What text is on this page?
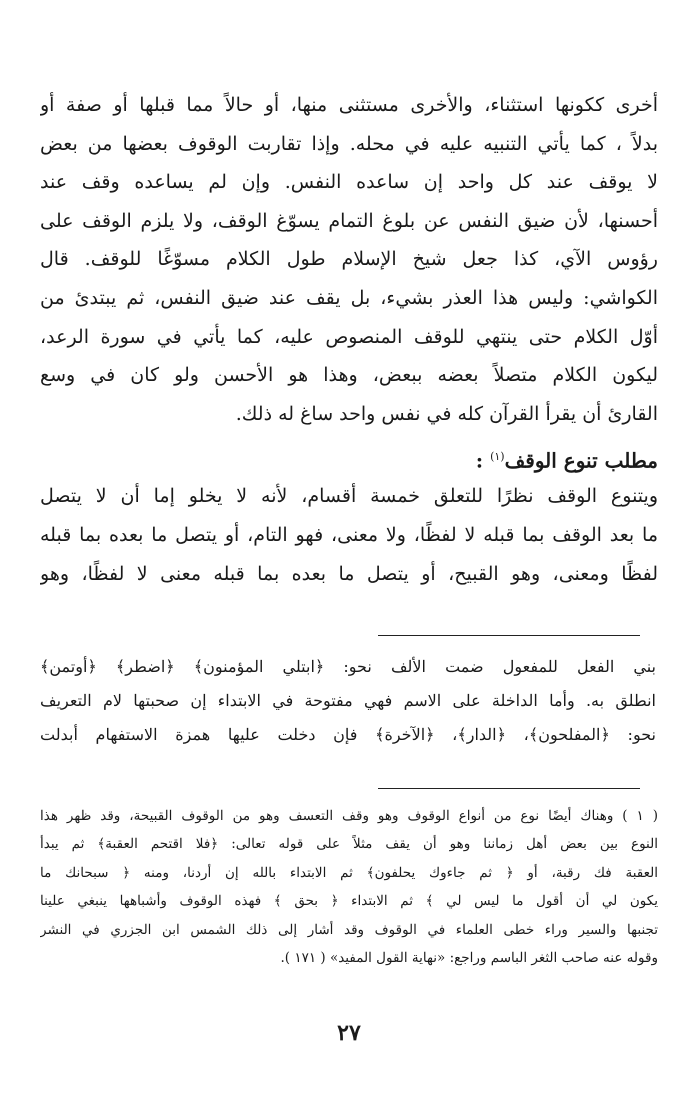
أخرى ككونها استثناء، والأخرى مستثنى منها، أو حالاً مما قبلها أو صفة أو
بدلاً ، كما يأتي التنبيه عليه في محله. وإذا تقاربت الوقوف بعضها من بعض
لا يوقف عند كل واحد إن ساعده النفس. وإن لم يساعده وقف عند
أحسنها، لأن ضيق النفس عن بلوغ التمام يسوّغ الوقف، ولا يلزم الوقف على
رؤوس الآي، كذا جعل شيخ الإسلام طول الكلام مسوّغًا للوقف. قال
الكواشي: وليس هذا العذر بشيء، بل يقف عند ضيق النفس، ثم يبتدئ من
أوّل الكلام حتى ينتهي للوقف المنصوص عليه، كما يأتي في سورة الرعد،
ليكون الكلام متصلاً بعضه ببعض، وهذا هو الأحسن ولو كان في وسع
القارئ أن يقرأ القرآن كله في نفس واحد ساغ له ذلك.
مطلب تنوع الوقف$^{(١)}$ :
ويتنوع الوقف نظرًا للتعلق خمسة أقسام، لأنه لا يخلو إما أن لا يتصل
ما بعد الوقف بما قبله لا لفظًا، ولا معنى، فهو التام، أو يتصل ما بعده بما قبله
لفظًا ومعنى، وهو القبيح، أو يتصل ما بعده بما قبله معنى لا لفظًا، وهو
بني الفعل للمفعول ضمت الألف نحو: ﴿ابتلي المؤمنون﴾ ﴿اضطر﴾ ﴿أوتمن﴾
انطلق به. وأما الداخلة على الاسم فهي مفتوحة في الابتداء إن صحبتها لام التعريف
نحو: ﴿المفلحون﴾، ﴿الدار﴾، ﴿الآخرة﴾ فإن دخلت عليها همزة الاستفهام أبدلت
( ١ ) وهناك أيضًا نوع من أنواع الوقوف وهو وقف التعسف وهو من الوقوف القبيحة، وقد ظهر هذا
النوع بين بعض أهل زماننا وهو أن يقف مثلاً على قوله تعالى: ﴿فلا اقتحم العقبة﴾ ثم يبدأ
العقبة فك رقبة، أو ﴿ ثم جاءوك يحلفون﴾ ثم الابتداء بالله إن أردنا، ومنه ﴿ سبحانك ما
يكون لي أن أقول ما ليس لي ﴾ ثم الابتداء ﴿ بحق ﴾ فهذه الوقوف وأشباهها ينبغي علينا
تجنبها والسير وراء خطى العلماء في الوقوف وقد أشار إلى ذلك الشمس ابن الجزري في النشر
وقوله عنه صاحب الثغر الباسم وراجع: «نهاية القول المفيد» ( ١٧١ ).
٢٧
